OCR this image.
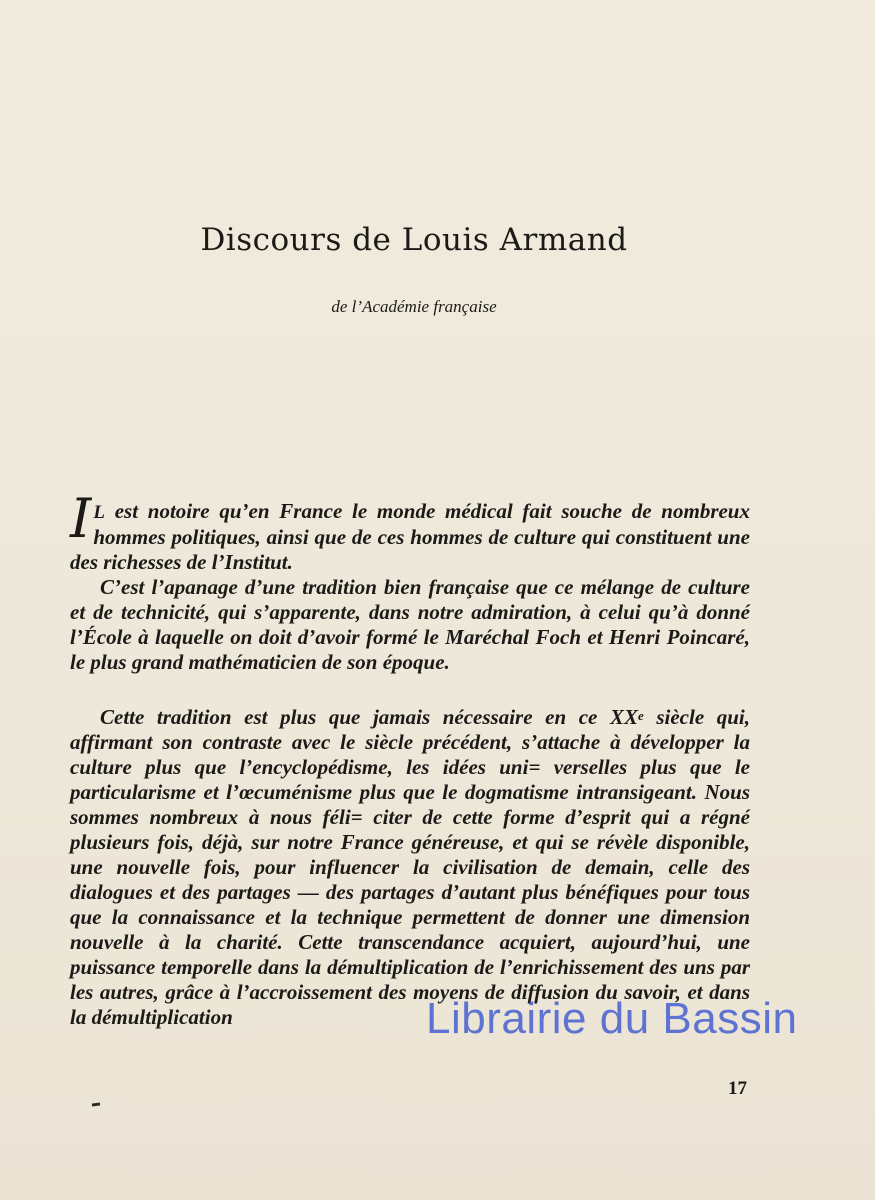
Discours de Louis Armand

de l’Académie française

I L est notoire qu’en France le monde médical fait souche de nombreux hommes politiques, ainsi que de ces hommes de culture qui constituent une des richesses de l’Institut.
C’est l’apanage d’une tradition bien française que ce mélange de culture et de technicité, qui s’apparente, dans notre admiration, à celui qu’à donné l’École à laquelle on doit d’avoir formé le Maréchal Foch et Henri Poincaré, le plus grand mathématicien de son époque.

Cette tradition est plus que jamais nécessaire en ce XXe siècle qui, affirmant son contraste avec le siècle précédent, s’attache à développer la culture plus que l’encyclopédisme, les idées uni= verselles plus que le particularisme et l’œcuménisme plus que le dogmatisme intransigeant. Nous sommes nombreux à nous féli= citer de cette forme d’esprit qui a régné plusieurs fois, déjà, sur notre France généreuse, et qui se révèle disponible, une nouvelle fois, pour influencer la civilisation de demain, celle des dialogues et des partages — des partages d’autant plus bénéfiques pour tous que la connaissance et la technique permettent de donner une dimension nouvelle à la charité. Cette transcendance acquiert, aujourd’hui, une puissance temporelle dans la démultiplication de l’enrichissement des uns par les autres, grâce à l’accroissement des moyens de diffusion du savoir, et dans la démultiplication

17

Librairie du Bassin
